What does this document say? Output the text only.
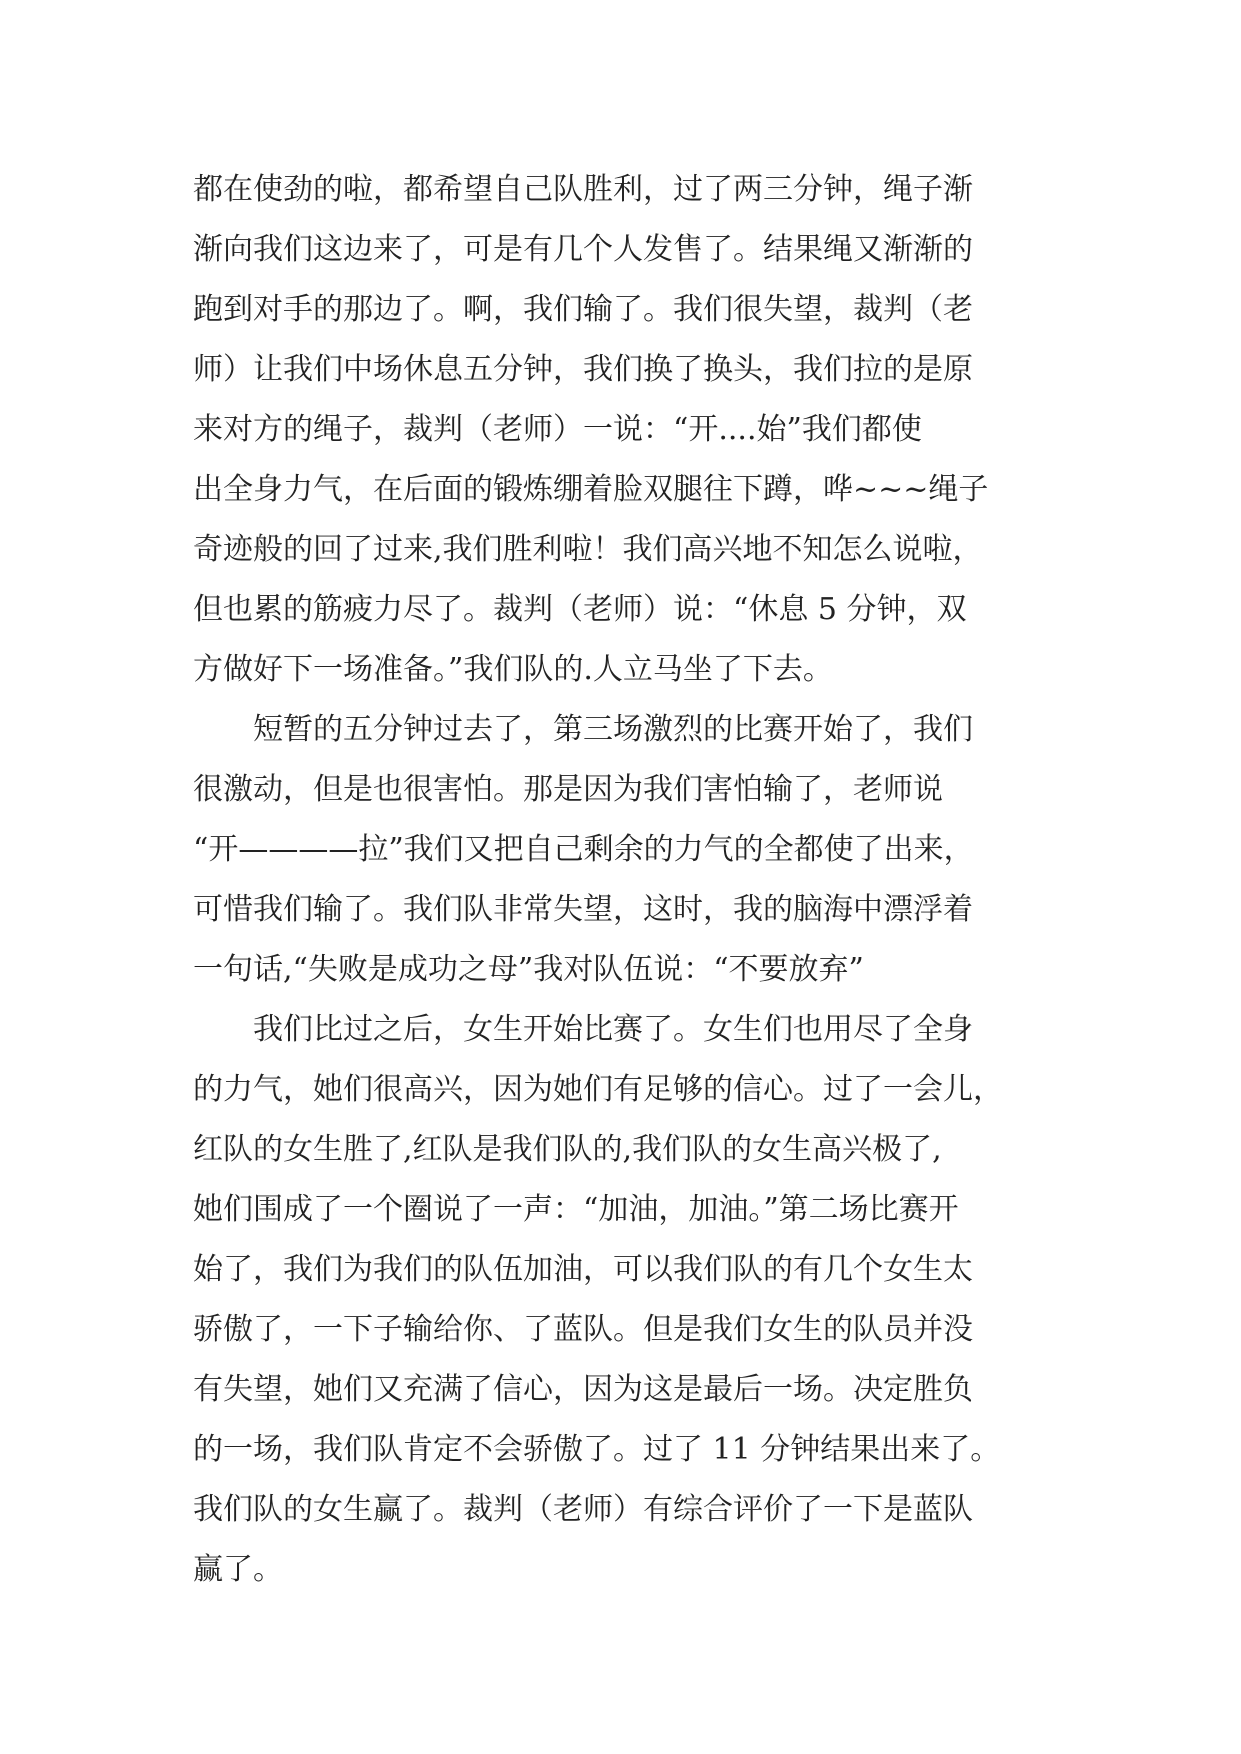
都在使劲的啦，都希望自己队胜利，过了两三分钟，绳子渐
渐向我们这边来了，可是有几个人发售了。结果绳又渐渐的
跑到对手的那边了。啊，我们输了。我们很失望，裁判（老
师）让我们中场休息五分钟，我们换了换头，我们拉的是原
来对方的绳子，裁判（老师）一说：“开....始”我们都使
出全身力气，在后面的锻炼绷着脸双腿往下蹲，哗~~~绳子
奇迹般的回了过来,我们胜利啦！我们高兴地不知怎么说啦，
但也累的筋疲力尽了。裁判（老师）说：“休息 5 分钟，双
方做好下一场准备。”我们队的.人立马坐了下去。
　　短暂的五分钟过去了，第三场激烈的比赛开始了，我们
很激动，但是也很害怕。那是因为我们害怕输了，老师说
“开————拉”我们又把自己剩余的力气的全都使了出来，
可惜我们输了。我们队非常失望，这时，我的脑海中漂浮着
一句话,“失败是成功之母”我对队伍说：“不要放弃”
　　我们比过之后，女生开始比赛了。女生们也用尽了全身
的力气，她们很高兴，因为她们有足够的信心。过了一会儿，
红队的女生胜了,红队是我们队的,我们队的女生高兴极了,
她们围成了一个圈说了一声：“加油，加油。”第二场比赛开
始了，我们为我们的队伍加油，可以我们队的有几个女生太
骄傲了，一下子输给你、了蓝队。但是我们女生的队员并没
有失望，她们又充满了信心，因为这是最后一场。决定胜负
的一场，我们队肯定不会骄傲了。过了 11 分钟结果出来了。
我们队的女生赢了。裁判（老师）有综合评价了一下是蓝队
赢了。
